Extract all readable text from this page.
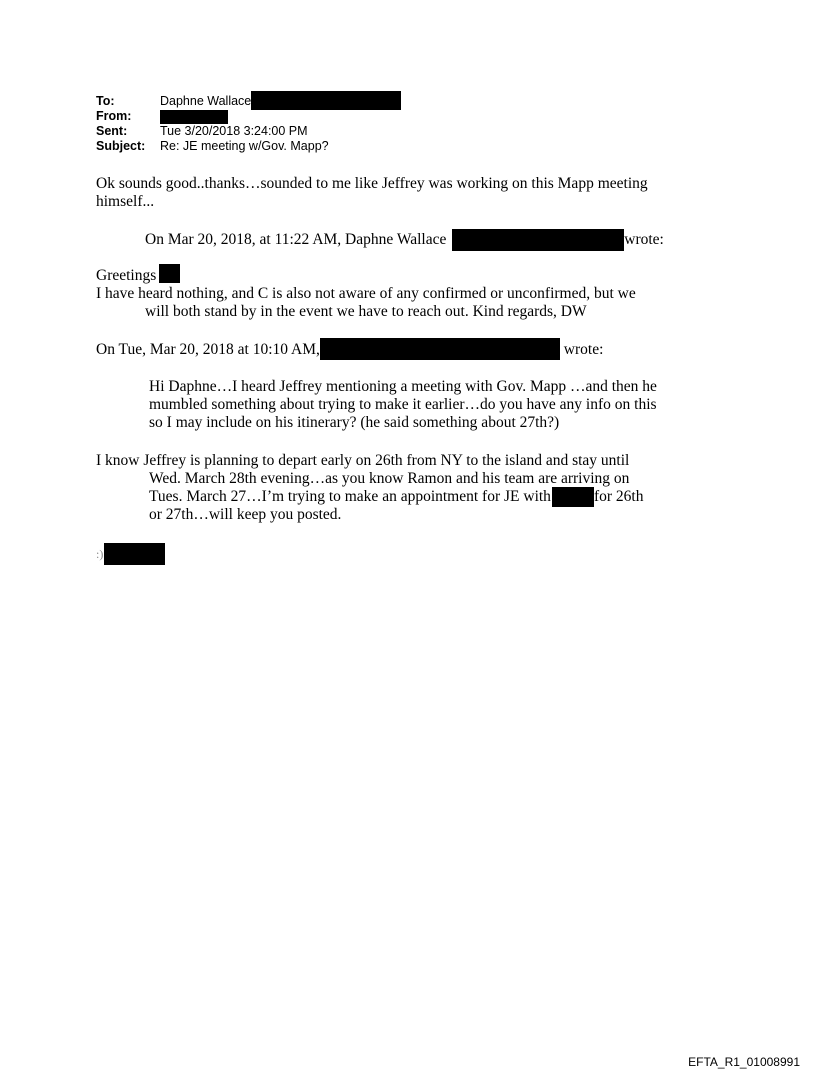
To:	Daphne Wallace
From:
Sent:	Tue 3/20/2018 3:24:00 PM
Subject: Re: JE meeting w/Gov. Mapp?
Ok sounds good..thanks…sounded to me like Jeffrey was working on this Mapp meeting
himself...
On Mar 20, 2018, at 11:22 AM, Daphne Wallace	wrote:
Greetings
I have heard nothing, and C is also not aware of any confirmed or unconfirmed, but we
will both stand by in the event we have to reach out. Kind regards, DW
On Tue, Mar 20, 2018 at 10:10 AM,	wrote:
Hi Daphne…I heard Jeffrey mentioning a meeting with Gov. Mapp …and then he
mumbled something about trying to make it earlier…do you have any info on this
so I may include on his itinerary? (he said something about 27th?)
I know Jeffrey is planning to depart early on 26th from NY to the island and stay until
Wed. March 28th evening…as you know Ramon and his team are arriving on
Tues. March 27…I’m trying to make an appointment for JE with	for 26th
or 27th…will keep you posted.
:)
EFTA_R1_01008991
